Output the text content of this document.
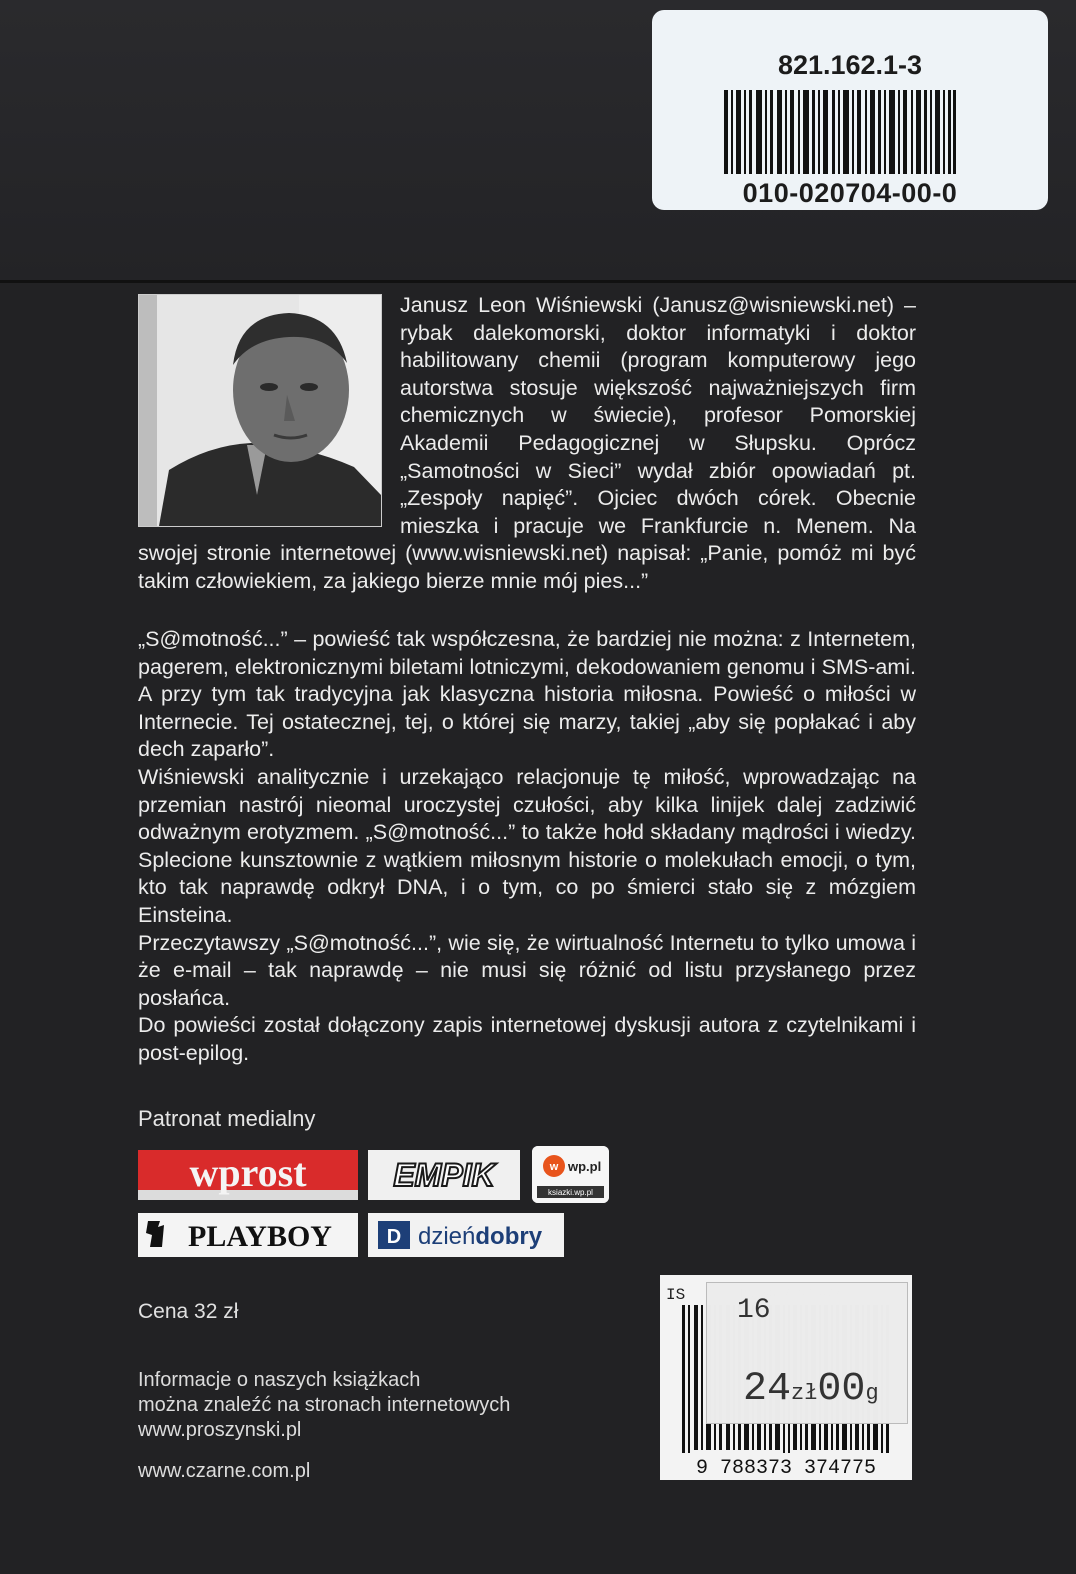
821.162.1-3
010-020704-00-0
Janusz Leon Wiśniewski (Janusz@wisniewski.net) – rybak dalekomorski, doktor informatyki i doktor habilitowany chemii (program komputerowy jego autorstwa stosuje większość najważniejszych firm chemicznych w świecie), profesor Pomorskiej Akademii Pedagogicznej w Słupsku. Oprócz „Samotności w Sieci” wydał zbiór opowiadań pt. „Zespoły napięć”. Ojciec dwóch córek. Obecnie mieszka i pracuje we Frankfurcie n. Menem. Na swojej stronie internetowej (www.wisniewski.net) napisał: „Panie, pomóż mi być takim człowiekiem, za jakiego bierze mnie mój pies...”

„S@motność...” – powieść tak współczesna, że bardziej nie można: z Internetem, pagerem, elektronicznymi biletami lotniczymi, dekodowaniem genomu i SMS-ami. A przy tym tak tradycyjna jak klasyczna historia miłosna. Powieść o miłości w Internecie. Tej ostatecznej, tej, o której się marzy, takiej „aby się popłakać i aby dech zaparło”.

Wiśniewski analitycznie i urzekająco relacjonuje tę miłość, wprowadzając na przemian nastrój nieomal uroczystej czułości, aby kilka linijek dalej zadziwić odważnym erotyzmem. „S@motność...” to także hołd składany mądrości i wiedzy. Splecione kunsztownie z wątkiem miłosnym historie o molekułach emocji, o tym, kto tak naprawdę odkrył DNA, i o tym, co po śmierci stało się z mózgiem Einsteina.

Przeczytawszy „S@motność...”, wie się, że wirtualność Internetu to tylko umowa i że e-mail – tak naprawdę – nie musi się różnić od listu przysłanego przez posłańca.

Do powieści został dołączony zapis internetowej dyskusji autora z czytelnikami i post-epilog.

Patronat medialny
wprost	EMPIK	w wp.pl
ksiazki.wp.pl
PLAYBOY	D dzieńdobry
Cena 32 zł
Informacje o naszych książkach
można znaleźć na stronach internetowych
www.proszynski.pl
www.czarne.com.pl
IS
9 788373 374775
16
24zł00g
